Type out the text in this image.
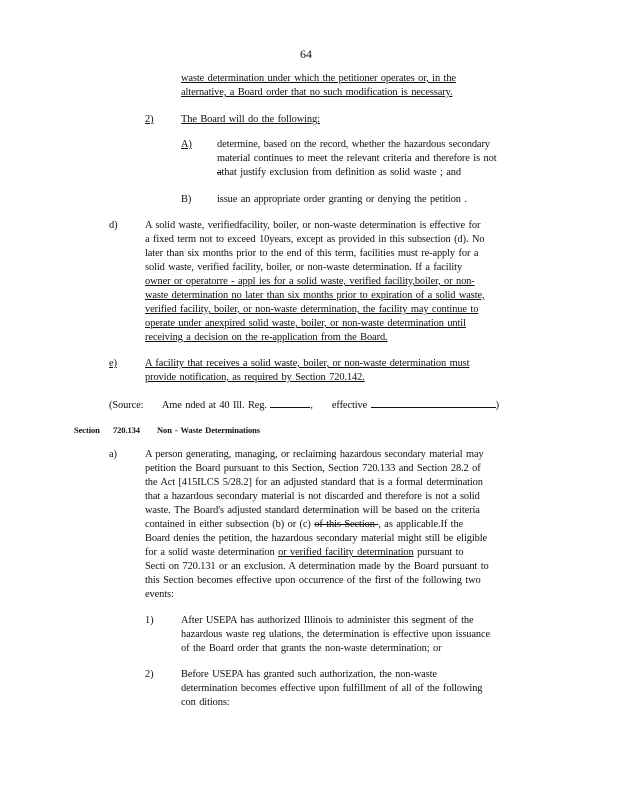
64
waste determination under which the petitioner operates or, in the
alternative, a Board order that no such modification is necessary.
2)	The Board will do the following:
A) determine, based on the record, whether the hazardous secondary
material continues to meet the relevant criteria and therefore is not
athat justify exclusion from definition as solid waste ; and
B) issue an appropriate order granting or denying the petition .
d)	A solid waste, verifiedfacility, boiler, or non-waste determination is effective for
a fixed term not to exceed 10years, except as provided in this subsection (d). No
later than six months prior to the end of this term, facilities must re-apply for a
solid waste, verified facility, boiler, or non-waste determination. If a facility
owner or operatorre - appl ies for a solid waste, verified facility,boiler, or non-
waste determination no later than six months prior to expiration of a solid waste,
verified facility, boiler, or non-waste determination, the facility may continue to
operate under anexpired solid waste, boiler, or non-waste determination until
receiving a decision on the re-application from the Board.
e)	A facility that receives a solid waste, boiler, or non-waste determination must
provide notification, as required by Section 720.142.
(Source: Ame nded at 40 Ill. Reg.	, effective	)
Section 720.134 Non - Waste Determinations
a)	A person generating, managing, or reclaiming hazardous secondary material may
petition the Board pursuant to this Section, Section 720.133 and Section 28.2 of
the Act [415ILCS 5/28.2] for an adjusted standard that is a formal determination
that a hazardous secondary material is not discarded and therefore is not a solid
waste. The Board's adjusted standard determination will be based on the criteria
contained in either subsection (b) or (c) of this Section , as applicable.If the
Board denies the petition, the hazardous secondary material might still be eligible
for a solid waste determination or verified facility determination pursuant to
Secti on 720.131 or an exclusion. A determination made by the Board pursuant to
this Section becomes effective upon occurrence of the first of the following two
events:
1)	After USEPA has authorized Illinois to administer this segment of the
hazardous waste reg ulations, the determination is effective upon issuance
of the Board order that grants the non-waste determination; or
2)	Before USEPA has granted such authorization, the non-waste
determination becomes effective upon fulfillment of all of the following
con ditions:
